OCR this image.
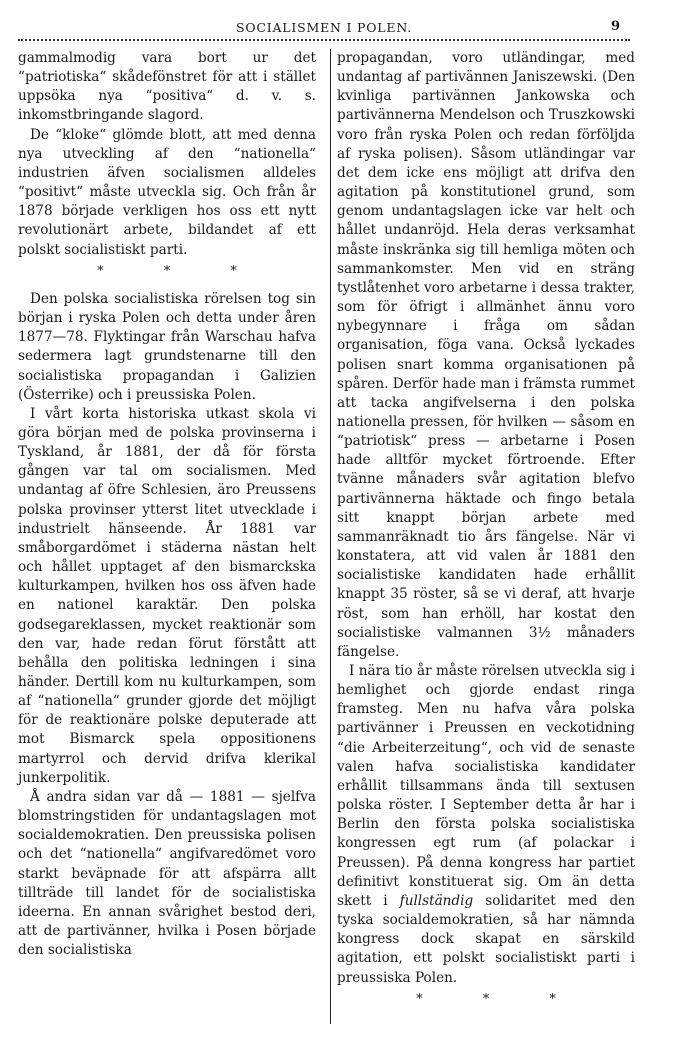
SOCIALISMEN I POLEN.	9

gammalmodig vara bort ur det “patriotiska“ skådefönstret för att i stället uppsöka nya “positiva“ d. v. s. inkomstbringande slagord.

De “kloke“ glömde blott, att med denna nya utveckling af den “nationella“ industrien äfven socialismen alldeles “positivt“ måste utveckla sig. Och från år 1878 började verkligen hos oss ett nytt revolutionärt arbete, bildandet af ett polskt socialistiskt parti.

* * *

Den polska socialistiska rörelsen tog sin början i ryska Polen och detta under åren 1877—78. Flyktingar från Warschau hafva sedermera lagt grundstenarne till den socialistiska propagandan i Galizien (Österrike) och i preussiska Polen.

I vårt korta historiska utkast skola vi göra början med de polska provinserna i Tyskland, år 1881, der då för första gången var tal om socialismen. Med undantag af öfre Schlesien, äro Preussens polska provinser ytterst litet utvecklade i industrielt hänseende. År 1881 var småborgardömet i städerna nästan helt och hållet upptaget af den bismarckska kulturkampen, hvilken hos oss äfven hade en nationel karaktär. Den polska godsegareklassen, mycket reaktionär som den var, hade redan förut förstått att behålla den politiska ledningen i sina händer. Dertill kom nu kulturkampen, som af “nationella“ grunder gjorde det möjligt för de reaktionäre polske deputerade att mot Bismarck spela oppositionens martyrrol och dervid drifva klerikal junkerpolitik.

Å andra sidan var då — 1881 — sjelfva blomstringstiden för undantagslagen mot socialdemokratien. Den preussiska polisen och det “nationella“ angifvaredömet voro starkt beväpnade för att afspärra allt tillträde till landet för de socialistiska ideerna. En annan svårighet bestod deri, att de partivänner, hvilka i Posen började den socialistiska

propagandan, voro utländingar, med undantag af partivännen Janiszewski. (Den kvinliga partivännen Jankowska och partivännerna Mendelson och Truszkowski voro från ryska Polen och redan förföljda af ryska polisen). Såsom utländingar var det dem icke ens möjligt att drifva den agitation på konstitutionel grund, som genom undantagslagen icke var helt och hållet undanröjd. Hela deras verksamhat måste inskränka sig till hemliga möten och sammankomster. Men vid en sträng tystlåtenhet voro arbetarne i dessa trakter, som för öfrigt i allmänhet ännu voro nybegynnare i fråga om sådan organisation, föga vana. Också lyckades polisen snart komma organisationen på spåren. Derför hade man i främsta rummet att tacka angifvelserna i den polska nationella pressen, för hvilken — såsom en “patriotisk“ press — arbetarne i Posen hade alltför mycket förtroende. Efter tvänne månaders svår agitation blefvo partivännerna häktade och fingo betala sitt knappt början arbete med sammanräknadt tio års fängelse. När vi konstatera, att vid valen år 1881 den socialistiske kandidaten hade erhållit knappt 35 röster, så se vi deraf, att hvarje röst, som han erhöll, har kostat den socialistiske valmannen 3½ månaders fängelse.

I nära tio år måste rörelsen utveckla sig i hemlighet och gjorde endast ringa framsteg. Men nu hafva våra polska partivänner i Preussen en veckotidning “die Arbeiterzeitung“, och vid de senaste valen hafva socialistiska kandidater erhållit tillsammans ända till sextusen polska röster. I September detta år har i Berlin den första polska socialistiska kongressen egt rum (af polackar i Preussen). På denna kongress har partiet definitivt konstituerat sig. Om än detta skett i fullständig solidaritet med den tyska socialdemokratien, så har nämnda kongress dock skapat en särskild agitation, ett polskt socialistiskt parti i preussiska Polen.

* * *
